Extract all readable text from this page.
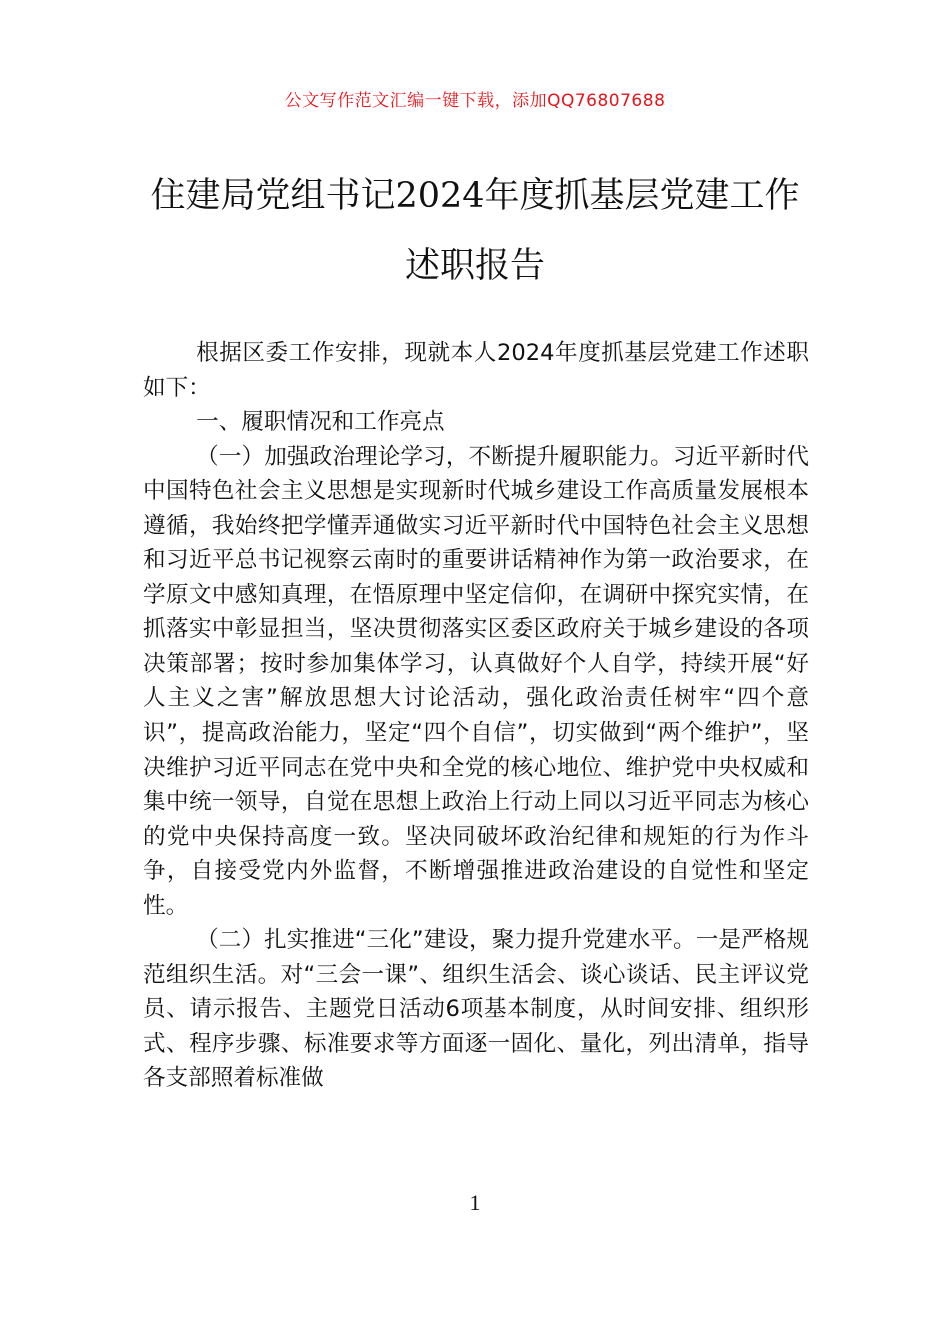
公文写作范文汇编一键下载，添加QQ76807688
住建局党组书记2024年度抓基层党建工作
述职报告

根据区委工作安排，现就本人2024年度抓基层党建工作述职如下：

一、履职情况和工作亮点

（一）加强政治理论学习，不断提升履职能力。习近平新时代中国特色社会主义思想是实现新时代城乡建设工作高质量发展根本遵循，我始终把学懂弄通做实习近平新时代中国特色社会主义思想和习近平总书记视察云南时的重要讲话精神作为第一政治要求，在学原文中感知真理，在悟原理中坚定信仰，在调研中探究实情，在抓落实中彰显担当，坚决贯彻落实区委区政府关于城乡建设的各项决策部署；按时参加集体学习，认真做好个人自学，持续开展“好人主义之害”解放思想大讨论活动，强化政治责任树牢“四个意识”，提高政治能力，坚定“四个自信”，切实做到“两个维护”，坚决维护习近平同志在党中央和全党的核心地位、维护党中央权威和集中统一领导，自觉在思想上政治上行动上同以习近平同志为核心的党中央保持高度一致。坚决同破坏政治纪律和规矩的行为作斗争，自接受党内外监督，不断增强推进政治建设的自觉性和坚定性。

（二）扎实推进“三化”建设，聚力提升党建水平。一是严格规范组织生活。对“三会一课”、组织生活会、谈心谈话、民主评议党员、请示报告、主题党日活动6项基本制度，从时间安排、组织形式、程序步骤、标准要求等方面逐一固化、量化，列出清单，指导各支部照着标准做

1
